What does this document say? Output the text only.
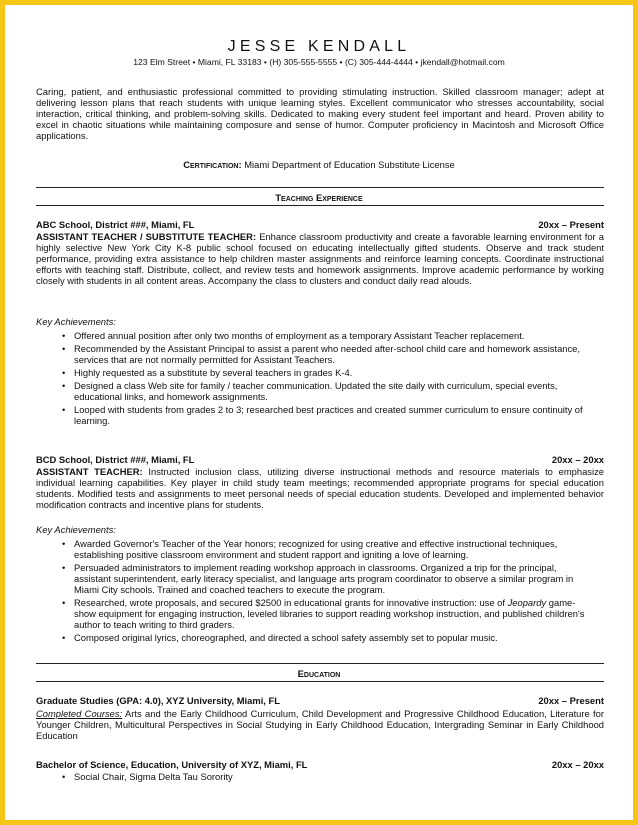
JESSE KENDALL
123 Elm Street • Miami, FL 33183 • (H) 305-555-5555 • (C) 305-444-4444 • jkendall@hotmail.com
Caring, patient, and enthusiastic professional committed to providing stimulating instruction. Skilled classroom manager; adept at delivering lesson plans that reach students with unique learning styles. Excellent communicator who stresses accountability, social interaction, critical thinking, and problem-solving skills. Dedicated to making every student feel important and heard. Proven ability to excel in chaotic situations while maintaining composure and sense of humor. Computer proficiency in Macintosh and Microsoft Office applications.
Certification: Miami Department of Education Substitute License
Teaching Experience
ABC School, District ###, Miami, FL	20xx – Present
ASSISTANT TEACHER / SUBSTITUTE TEACHER: Enhance classroom productivity and create a favorable learning environment for a highly selective New York City K-8 public school focused on educating intellectually gifted students. Observe and track student performance, providing extra assistance to help children master assignments and reinforce learning concepts. Coordinate instructional efforts with teaching staff. Distribute, collect, and review tests and homework assignments. Improve academic performance by working closely with students in all content areas. Accompany the class to clusters and conduct daily read alouds.
Key Achievements:
• Offered annual position after only two months of employment as a temporary Assistant Teacher replacement.
• Recommended by the Assistant Principal to assist a parent who needed after-school child care and homework assistance, services that are not normally permitted for Assistant Teachers.
• Highly requested as a substitute by several teachers in grades K-4.
• Designed a class Web site for family / teacher communication. Updated the site daily with curriculum, special events, educational links, and homework assignments.
• Looped with students from grades 2 to 3; researched best practices and created summer curriculum to ensure continuity of learning.
BCD School, District ###, Miami, FL	20xx – 20xx
ASSISTANT TEACHER: Instructed inclusion class, utilizing diverse instructional methods and resource materials to emphasize individual learning capabilities. Key player in child study team meetings; recommended appropriate programs for special education students. Modified tests and assignments to meet personal needs of special education students. Developed and implemented behavior modification contracts and incentive plans for students.
Key Achievements:
• Awarded Governor's Teacher of the Year honors; recognized for using creative and effective instructional techniques, establishing positive classroom environment and student rapport and igniting a love of learning.
• Persuaded administrators to implement reading workshop approach in classrooms. Organized a trip for the principal, assistant superintendent, early literacy specialist, and language arts program coordinator to observe a similar program in Miami City schools. Trained and coached teachers to execute the program.
• Researched, wrote proposals, and secured $2500 in educational grants for innovative instruction: use of Jeopardy game- show equipment for engaging instruction, leveled libraries to support reading workshop instruction, and published children's author to teach writing to third graders.
• Composed original lyrics, choreographed, and directed a school safety assembly set to popular music.
Education
Graduate Studies (GPA: 4.0), XYZ University, Miami, FL	20xx – Present
Completed Courses: Arts and the Early Childhood Curriculum, Child Development and Progressive Childhood Education, Literature for Younger Children, Multicultural Perspectives in Social Studying in Early Childhood Education, Intergrading Seminar in Early Childhood Education
Bachelor of Science, Education, University of XYZ, Miami, FL	20xx – 20xx
• Social Chair, Sigma Delta Tau Sorority
